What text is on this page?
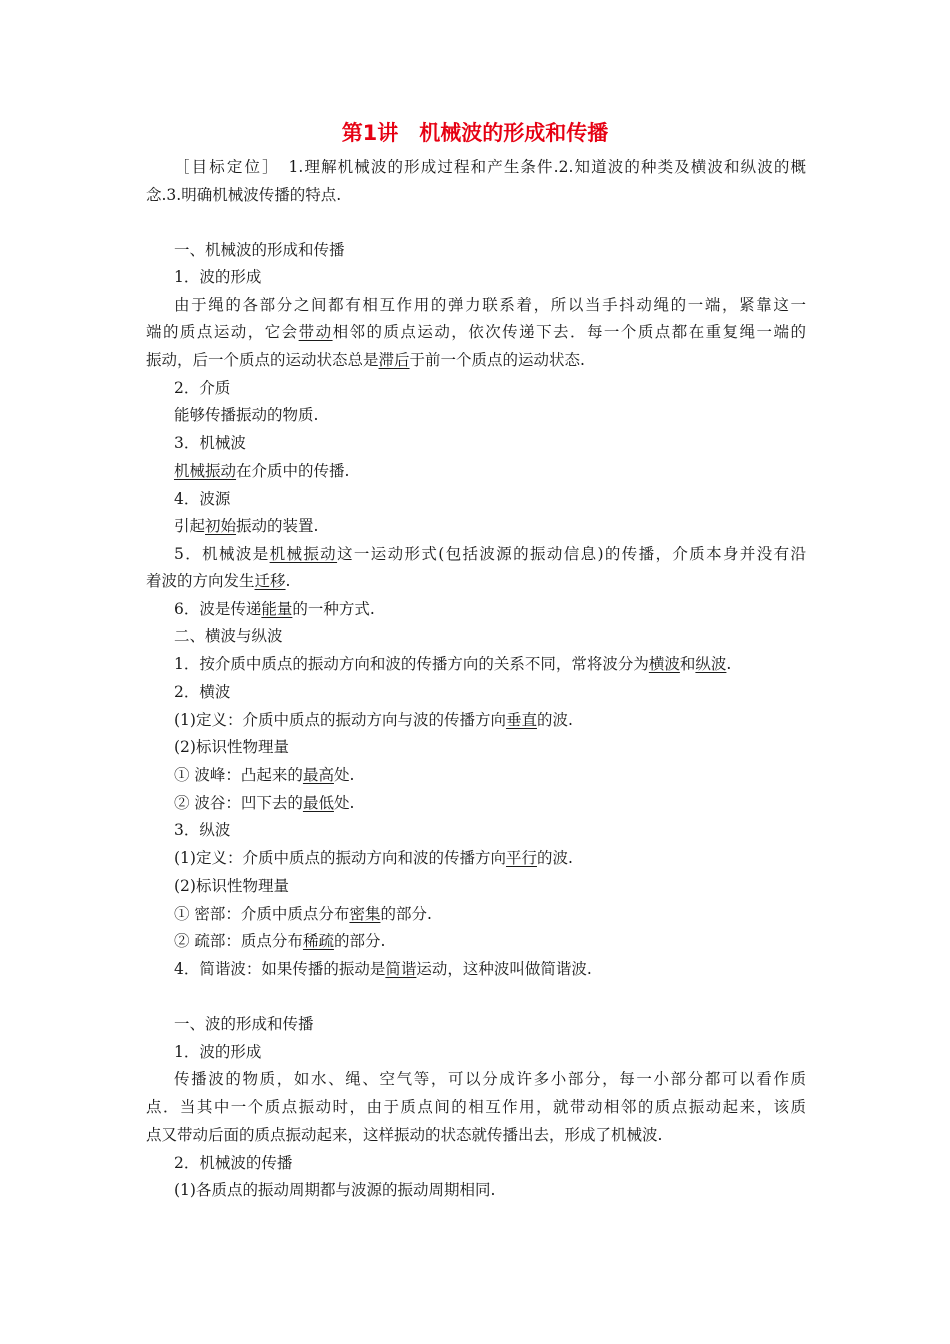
第1讲　机械波的形成和传播
［目标定位］　1.理解机械波的形成过程和产生条件.2.知道波的种类及横波和纵波的概
念.3.明确机械波传播的特点.
一、机械波的形成和传播
1．波的形成
由于绳的各部分之间都有相互作用的弹力联系着，所以当手抖动绳的一端，紧靠这一
端的质点运动，它会带动相邻的质点运动，依次传递下去．每一个质点都在重复绳一端的
振动，后一个质点的运动状态总是滞后于前一个质点的运动状态.
2．介质
能够传播振动的物质.
3．机械波
机械振动在介质中的传播.
4．波源
引起初始振动的装置.
5．机械波是机械振动这一运动形式(包括波源的振动信息)的传播，介质本身并没有沿
着波的方向发生迁移.
6．波是传递能量的一种方式.
二、横波与纵波
1．按介质中质点的振动方向和波的传播方向的关系不同，常将波分为横波和纵波.
2．横波
(1)定义：介质中质点的振动方向与波的传播方向垂直的波.
(2)标识性物理量
① 波峰：凸起来的最高处.
② 波谷：凹下去的最低处.
3．纵波
(1)定义：介质中质点的振动方向和波的传播方向平行的波.
(2)标识性物理量
① 密部：介质中质点分布密集的部分.
② 疏部：质点分布稀疏的部分.
4．简谐波：如果传播的振动是简谐运动，这种波叫做简谐波.
一、波的形成和传播
1．波的形成
传播波的物质，如水、绳、空气等，可以分成许多小部分，每一小部分都可以看作质
点．当其中一个质点振动时，由于质点间的相互作用，就带动相邻的质点振动起来，该质
点又带动后面的质点振动起来，这样振动的状态就传播出去，形成了机械波.
2．机械波的传播
(1)各质点的振动周期都与波源的振动周期相同.
